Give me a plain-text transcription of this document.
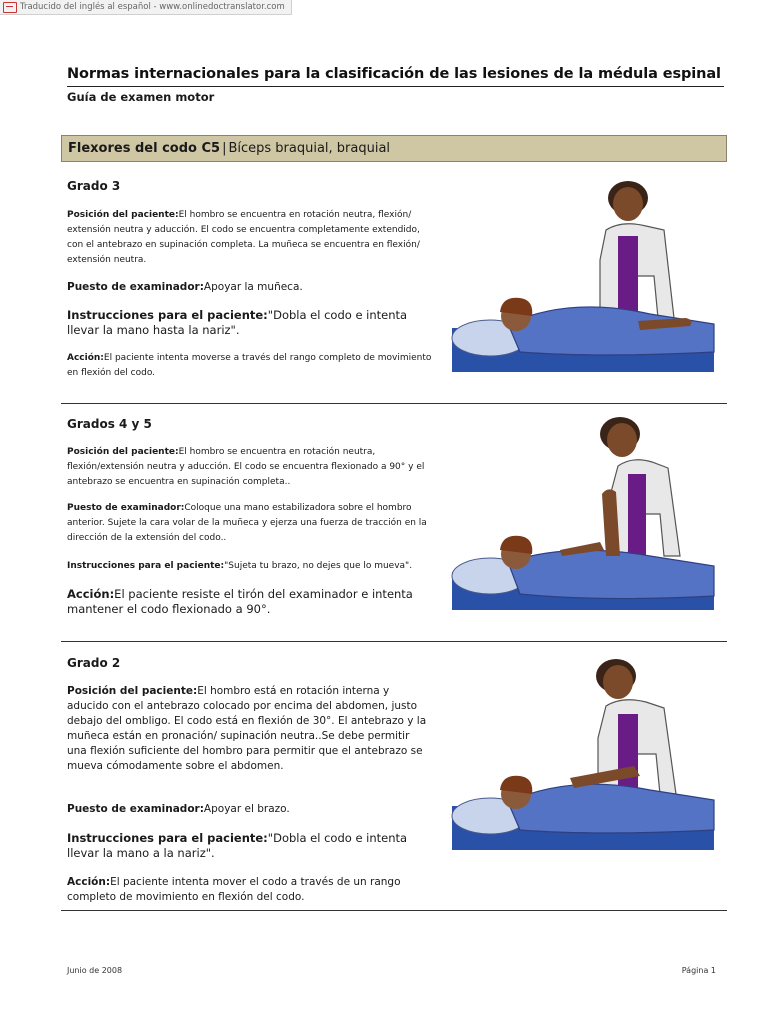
Traducido del inglés al español - www.onlinedoctranslator.com
Normas internacionales para la clasificación de las lesiones de la médula espinal
Guía de examen motor
Flexores del codo C5 | Bíceps braquial, braquial
Grado 3

Posición del paciente:El hombro se encuentra en rotación neutra, flexión/ extensión neutra y aducción. El codo se encuentra completamente extendido, con el antebrazo en supinación completa. La muñeca se encuentra en flexión/ extensión neutra.

Puesto de examinador:Apoyar la muñeca.

Instrucciones para el paciente:"Dobla el codo e intenta llevar la mano hasta la nariz".

Acción:El paciente intenta moverse a través del rango completo de movimiento en flexión del codo.

Grados 4 y 5

Posición del paciente:El hombro se encuentra en rotación neutra, flexión/extensión neutra y aducción. El codo se encuentra flexionado a 90° y el antebrazo se encuentra en supinación completa..

Puesto de examinador:Coloque una mano estabilizadora sobre el hombro anterior. Sujete la cara volar de la muñeca y ejerza una fuerza de tracción en la dirección de la extensión del codo..

Instrucciones para el paciente:"Sujeta tu brazo, no dejes que lo mueva".

Acción:El paciente resiste el tirón del examinador e intenta mantener el codo flexionado a 90°.

Grado 2

Posición del paciente:El hombro está en rotación interna y aducido con el antebrazo colocado por encima del abdomen, justo debajo del ombligo. El codo está en flexión de 30°. El antebrazo y la muñeca están en pronación/ supinación neutra..Se debe permitir una flexión suficiente del hombro para permitir que el antebrazo se mueva cómodamente sobre el abdomen.

Puesto de examinador:Apoyar el brazo.

Instrucciones para el paciente:"Dobla el codo e intenta llevar la mano a la nariz".

Acción:El paciente intenta mover el codo a través de un rango completo de movimiento en flexión del codo.

Junio de 2008	Página 1
